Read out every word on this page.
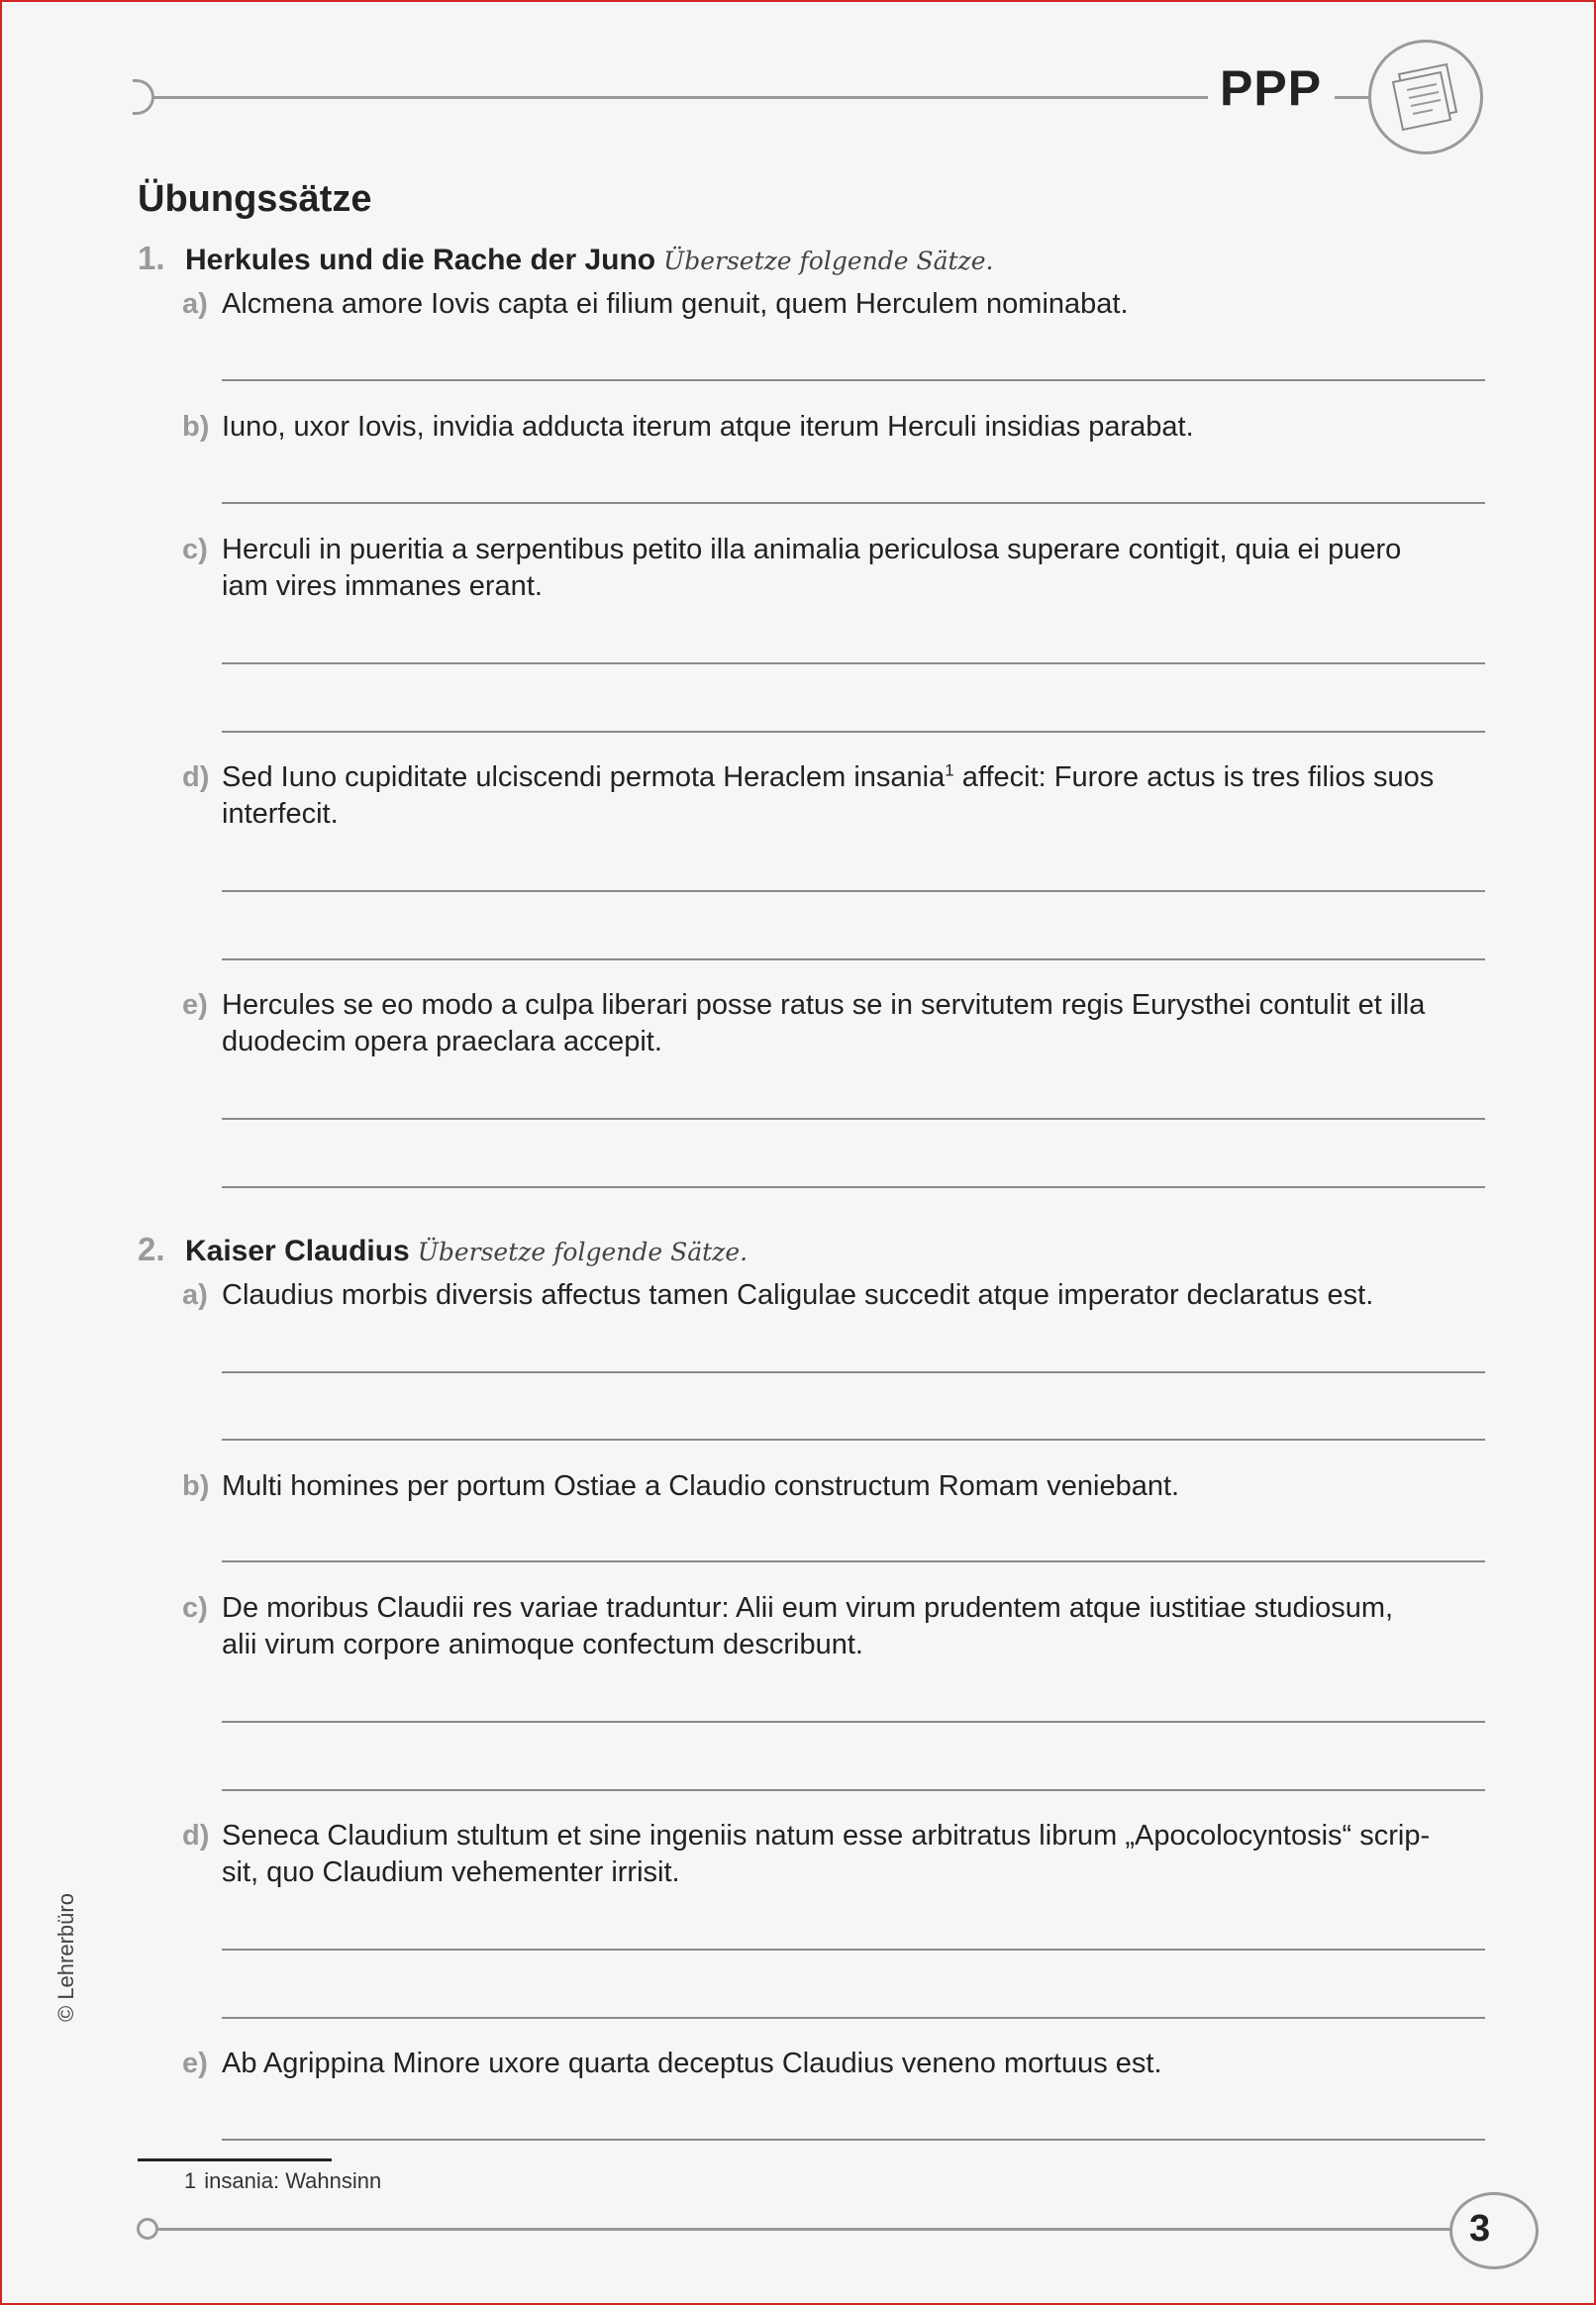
PPP
Übungssätze
1. Herkules und die Rache der Juno Übersetze folgende Sätze.
a) Alcmena amore Iovis capta ei filium genuit, quem Herculem nominabat.
b) Iuno, uxor Iovis, invidia adducta iterum atque iterum Herculi insidias parabat.
c) Herculi in pueritia a serpentibus petito illa animalia periculosa superare contigit, quia ei puero
iam vires immanes erant.
d) Sed Iuno cupiditate ulciscendi permota Heraclem insania$^1$ affecit: Furore actus is tres filios suos
interfecit.
e) Hercules se eo modo a culpa liberari posse ratus se in servitutem regis Eurysthei contulit et illa
duodecim opera praeclara accepit.
2. Kaiser Claudius Übersetze folgende Sätze.
a) Claudius morbis diversis affectus tamen Caligulae succedit atque imperator declaratus est.
b) Multi homines per portum Ostiae a Claudio constructum Romam veniebant.
c) De moribus Claudii res variae traduntur: Alii eum virum prudentem atque iustitiae studiosum,
alii virum corpore animoque confectum describunt.
d) Seneca Claudium stultum et sine ingeniis natum esse arbitratus librum „Apocolocyntosis“ scrip-
sit, quo Claudium vehementer irrisit.
e) Ab Agrippina Minore uxore quarta deceptus Claudius veneno mortuus est.
© Lehrerbüro
1 insania: Wahnsinn
3
